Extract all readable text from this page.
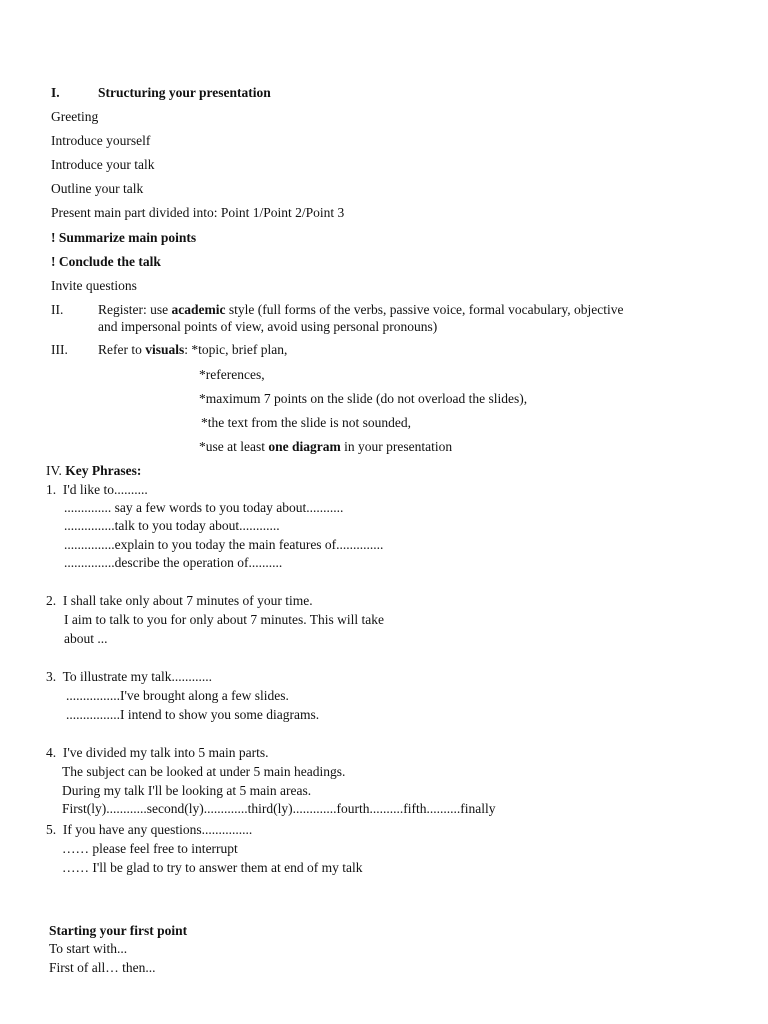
I.	Structuring your presentation
Greeting
Introduce yourself
Introduce your talk
Outline your talk
Present main part divided into: Point 1/Point 2/Point 3
! Summarize main points
! Conclude the talk
Invite questions
II.	Register: use academic style (full forms of the verbs, passive voice, formal vocabulary, objective
and impersonal points of view, avoid using personal pronouns)
III. Refer to visuals: *topic, brief plan,
*references,
*maximum 7 points on the slide (do not overload the slides),
*the text from the slide is not sounded,
*use at least one diagram in your presentation
IV. Key Phrases:
1.  I'd like to..........
.............. say a few words to you today about...........
...............talk to you today about............
...............explain to you today the main features of..............
...............describe the operation of..........
2.  I shall take only about 7 minutes of your time.
I aim to talk to you for only about 7 minutes. This will take
about ...
3.  To illustrate my talk............
................I've brought along a few slides.
................I intend to show you some diagrams.
4.  I've divided my talk into 5 main parts.
The subject can be looked at under 5 main headings.
During my talk I'll be looking at 5 main areas.
First(ly)............second(ly).............third(ly).............fourth..........fifth..........finally
5.  If you have any questions...............
…… please feel free to interrupt
…… I'll be glad to try to answer them at end of my talk
Starting your first point
To start with...
First of all… then...
